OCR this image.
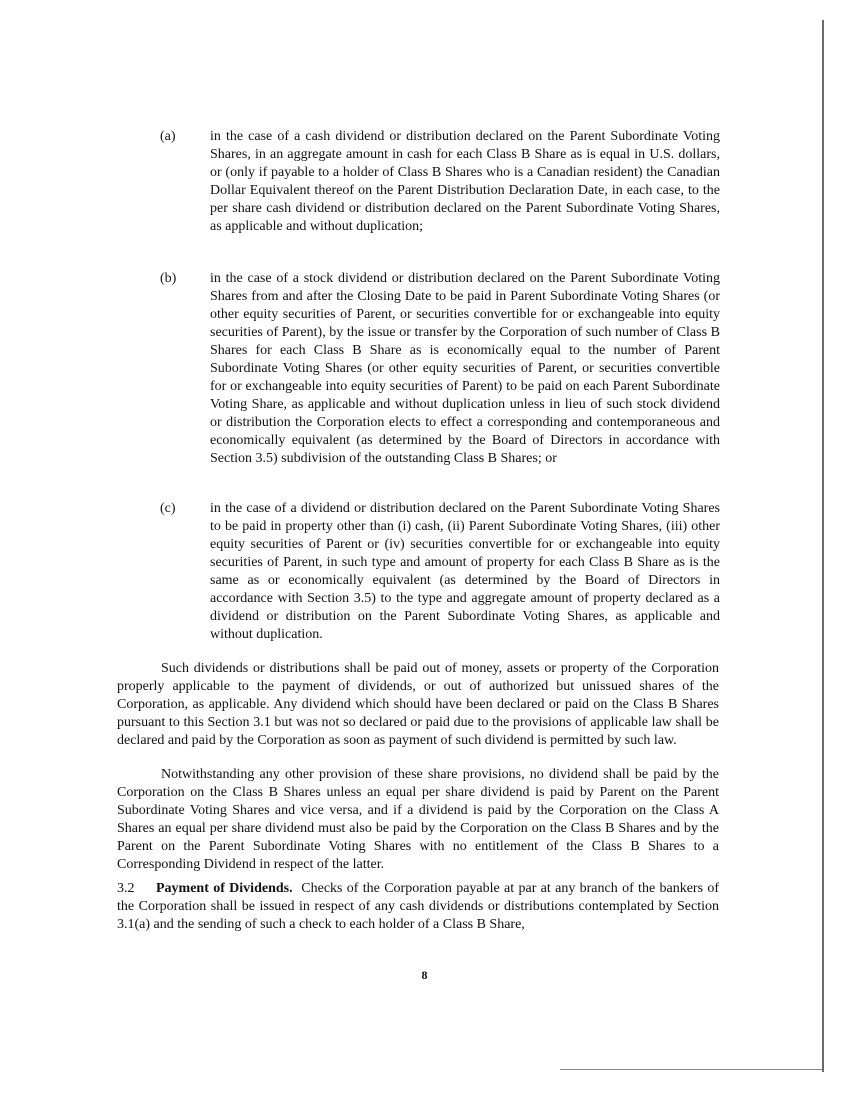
(a) in the case of a cash dividend or distribution declared on the Parent Subordinate Voting Shares, in an aggregate amount in cash for each Class B Share as is equal in U.S. dollars, or (only if payable to a holder of Class B Shares who is a Canadian resident) the Canadian Dollar Equivalent thereof on the Parent Distribution Declaration Date, in each case, to the per share cash dividend or distribution declared on the Parent Subordinate Voting Shares, as applicable and without duplication;
(b) in the case of a stock dividend or distribution declared on the Parent Subordinate Voting Shares from and after the Closing Date to be paid in Parent Subordinate Voting Shares (or other equity securities of Parent, or securities convertible for or exchangeable into equity securities of Parent), by the issue or transfer by the Corporation of such number of Class B Shares for each Class B Share as is economically equal to the number of Parent Subordinate Voting Shares (or other equity securities of Parent, or securities convertible for or exchangeable into equity securities of Parent) to be paid on each Parent Subordinate Voting Share, as applicable and without duplication unless in lieu of such stock dividend or distribution the Corporation elects to effect a corresponding and contemporaneous and economically equivalent (as determined by the Board of Directors in accordance with Section 3.5) subdivision of the outstanding Class B Shares; or
(c) in the case of a dividend or distribution declared on the Parent Subordinate Voting Shares to be paid in property other than (i) cash, (ii) Parent Subordinate Voting Shares, (iii) other equity securities of Parent or (iv) securities convertible for or exchangeable into equity securities of Parent, in such type and amount of property for each Class B Share as is the same as or economically equivalent (as determined by the Board of Directors in accordance with Section 3.5) to the type and aggregate amount of property declared as a dividend or distribution on the Parent Subordinate Voting Shares, as applicable and without duplication.
Such dividends or distributions shall be paid out of money, assets or property of the Corporation properly applicable to the payment of dividends, or out of authorized but unissued shares of the Corporation, as applicable. Any dividend which should have been declared or paid on the Class B Shares pursuant to this Section 3.1 but was not so declared or paid due to the provisions of applicable law shall be declared and paid by the Corporation as soon as payment of such dividend is permitted by such law.
Notwithstanding any other provision of these share provisions, no dividend shall be paid by the Corporation on the Class B Shares unless an equal per share dividend is paid by Parent on the Parent Subordinate Voting Shares and vice versa, and if a dividend is paid by the Corporation on the Class A Shares an equal per share dividend must also be paid by the Corporation on the Class B Shares and by the Parent on the Parent Subordinate Voting Shares with no entitlement of the Class B Shares to a Corresponding Dividend in respect of the latter.
3.2 Payment of Dividends. Checks of the Corporation payable at par at any branch of the bankers of the Corporation shall be issued in respect of any cash dividends or distributions contemplated by Section 3.1(a) and the sending of such a check to each holder of a Class B Share,
8
